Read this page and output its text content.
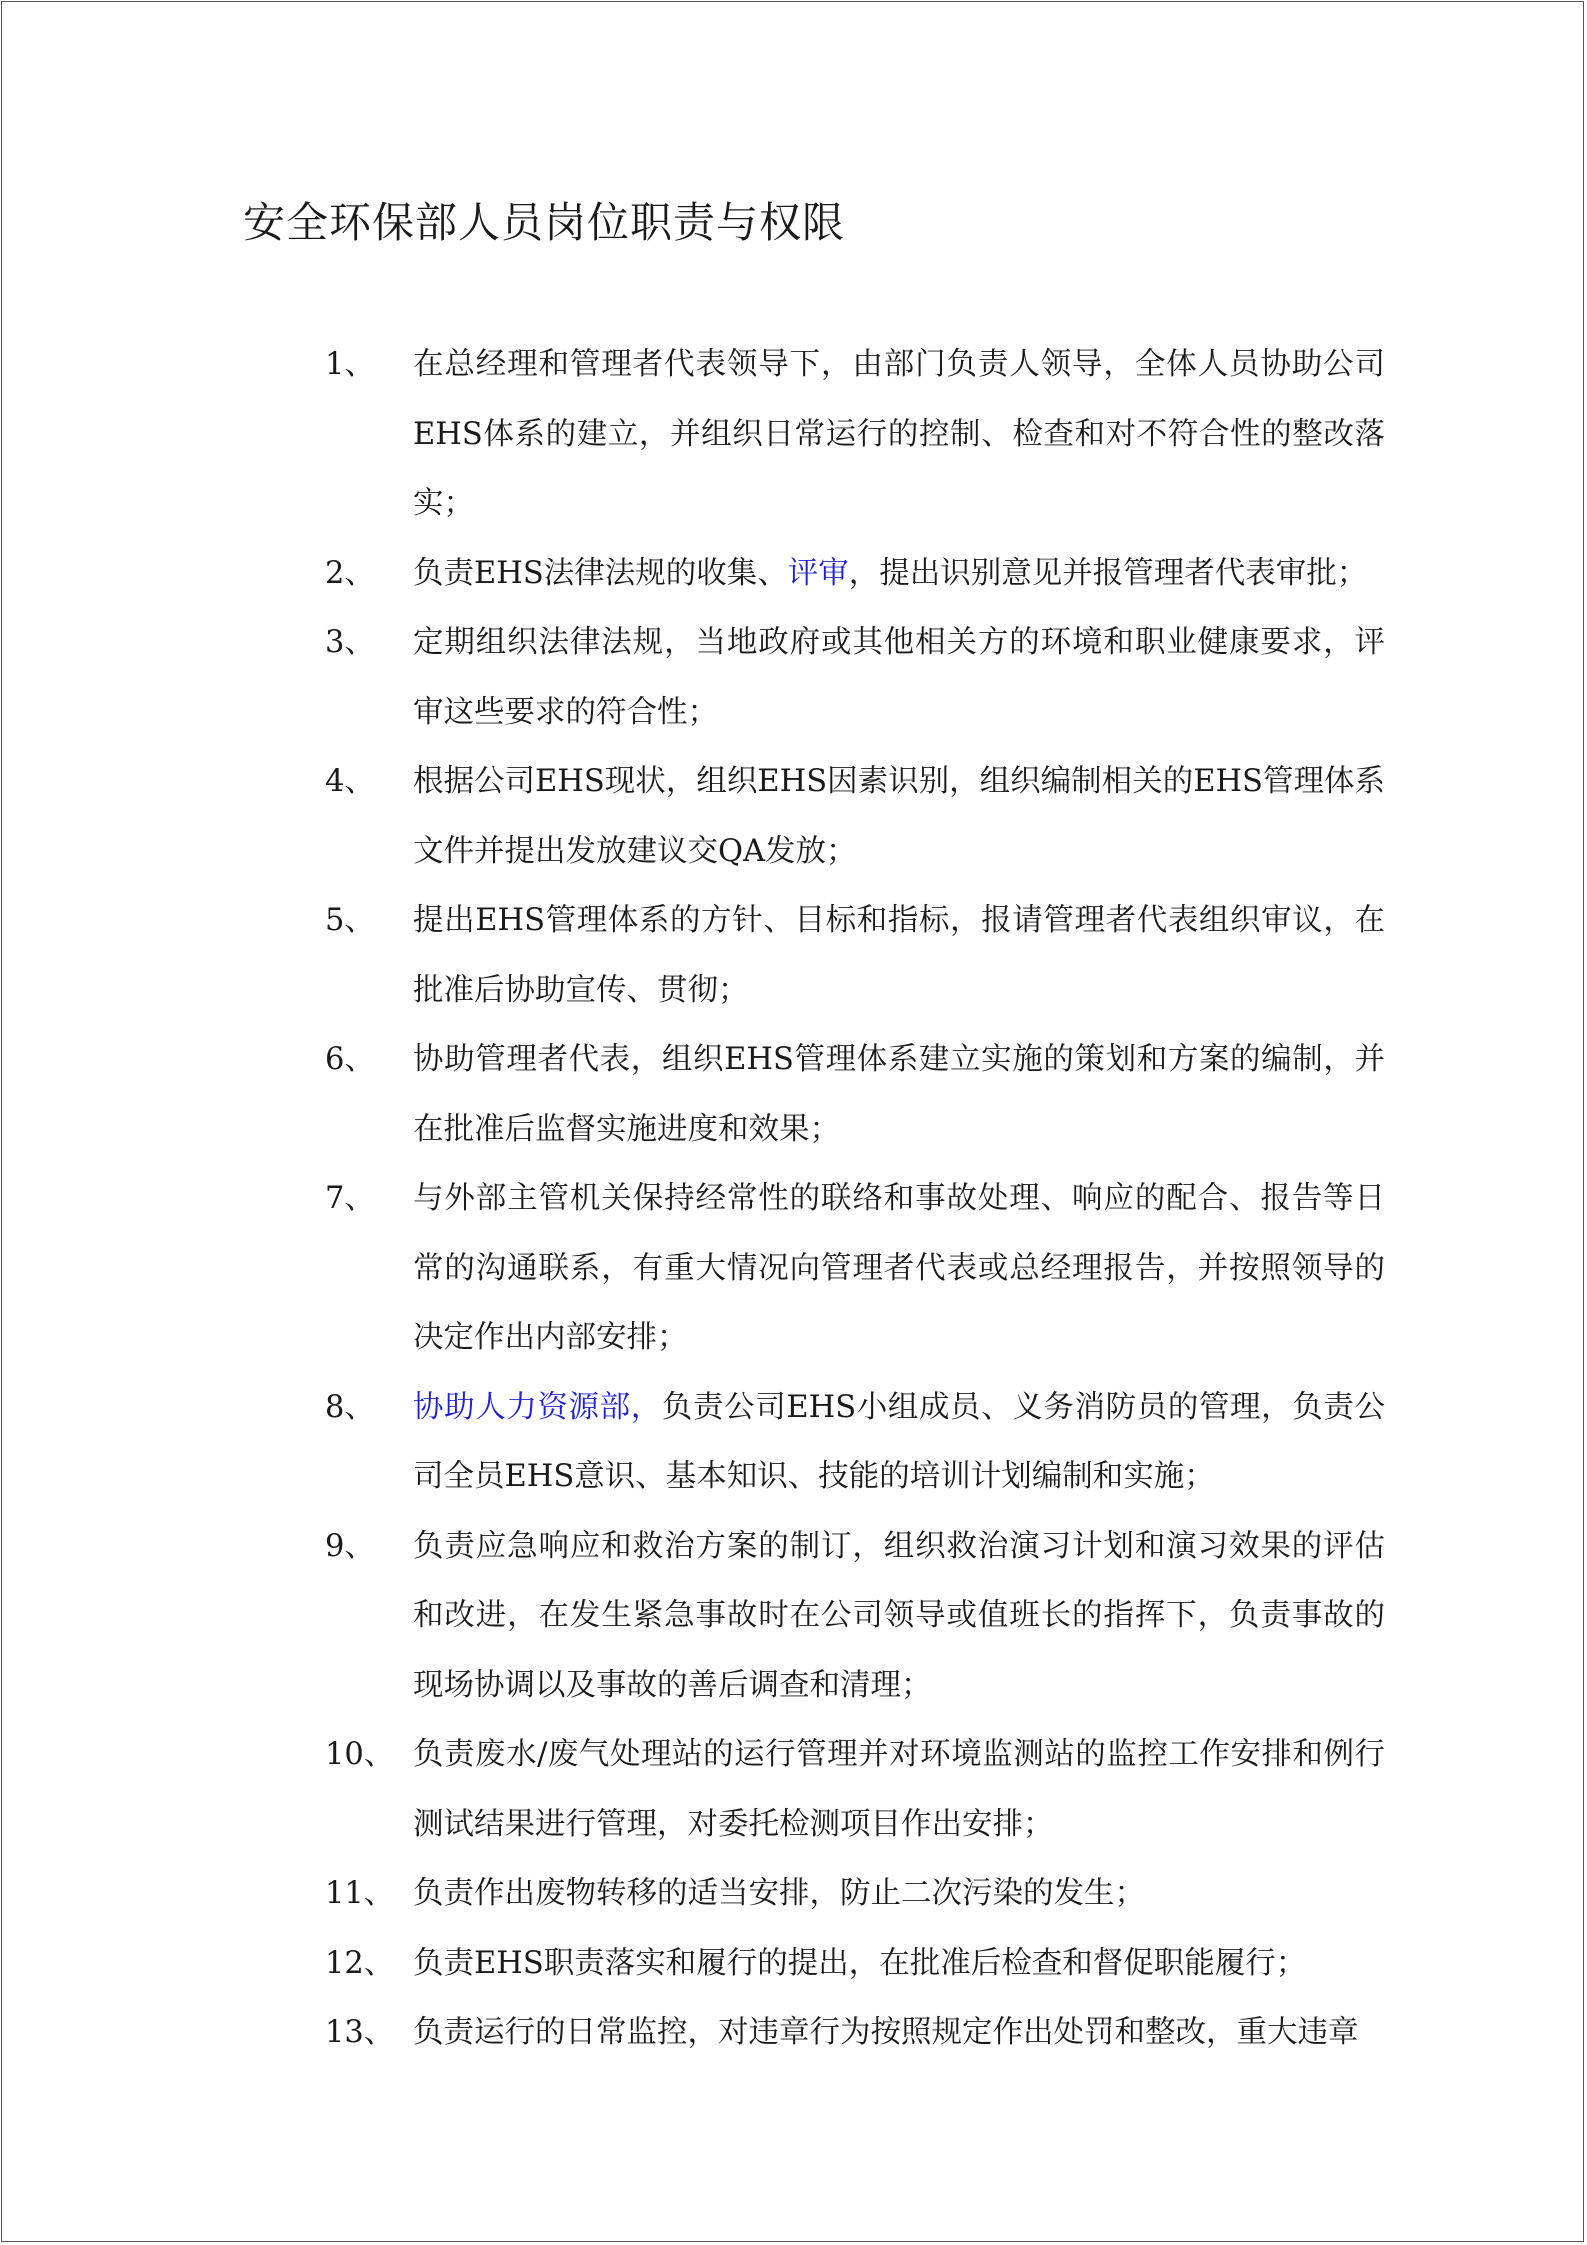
安全环保部人员岗位职责与权限
1、 在总经理和管理者代表领导下，由部门负责人领导，全体人员协助公司EHS体系的建立，并组织日常运行的控制、检查和对不符合性的整改落实；
2、 负责EHS法律法规的收集、评审，提出识别意见并报管理者代表审批；
3、 定期组织法律法规，当地政府或其他相关方的环境和职业健康要求，评审这些要求的符合性；
4、 根据公司EHS现状，组织EHS因素识别，组织编制相关的EHS管理体系文件并提出发放建议交QA发放；
5、 提出EHS管理体系的方针、目标和指标，报请管理者代表组织审议，在批准后协助宣传、贯彻；
6、 协助管理者代表，组织EHS管理体系建立实施的策划和方案的编制，并在批准后监督实施进度和效果；
7、 与外部主管机关保持经常性的联络和事故处理、响应的配合、报告等日常的沟通联系，有重大情况向管理者代表或总经理报告，并按照领导的决定作出内部安排；
8、 协助人力资源部，负责公司EHS小组成员、义务消防员的管理，负责公司全员EHS意识、基本知识、技能的培训计划编制和实施；
9、 负责应急响应和救治方案的制订，组织救治演习计划和演习效果的评估和改进，在发生紧急事故时在公司领导或值班长的指挥下，负责事故的现场协调以及事故的善后调查和清理；
10、 负责废水/废气处理站的运行管理并对环境监测站的监控工作安排和例行测试结果进行管理，对委托检测项目作出安排；
11、 负责作出废物转移的适当安排，防止二次污染的发生；
12、 负责EHS职责落实和履行的提出，在批准后检查和督促职能履行；
13、 负责运行的日常监控，对违章行为按照规定作出处罚和整改，重大违章
